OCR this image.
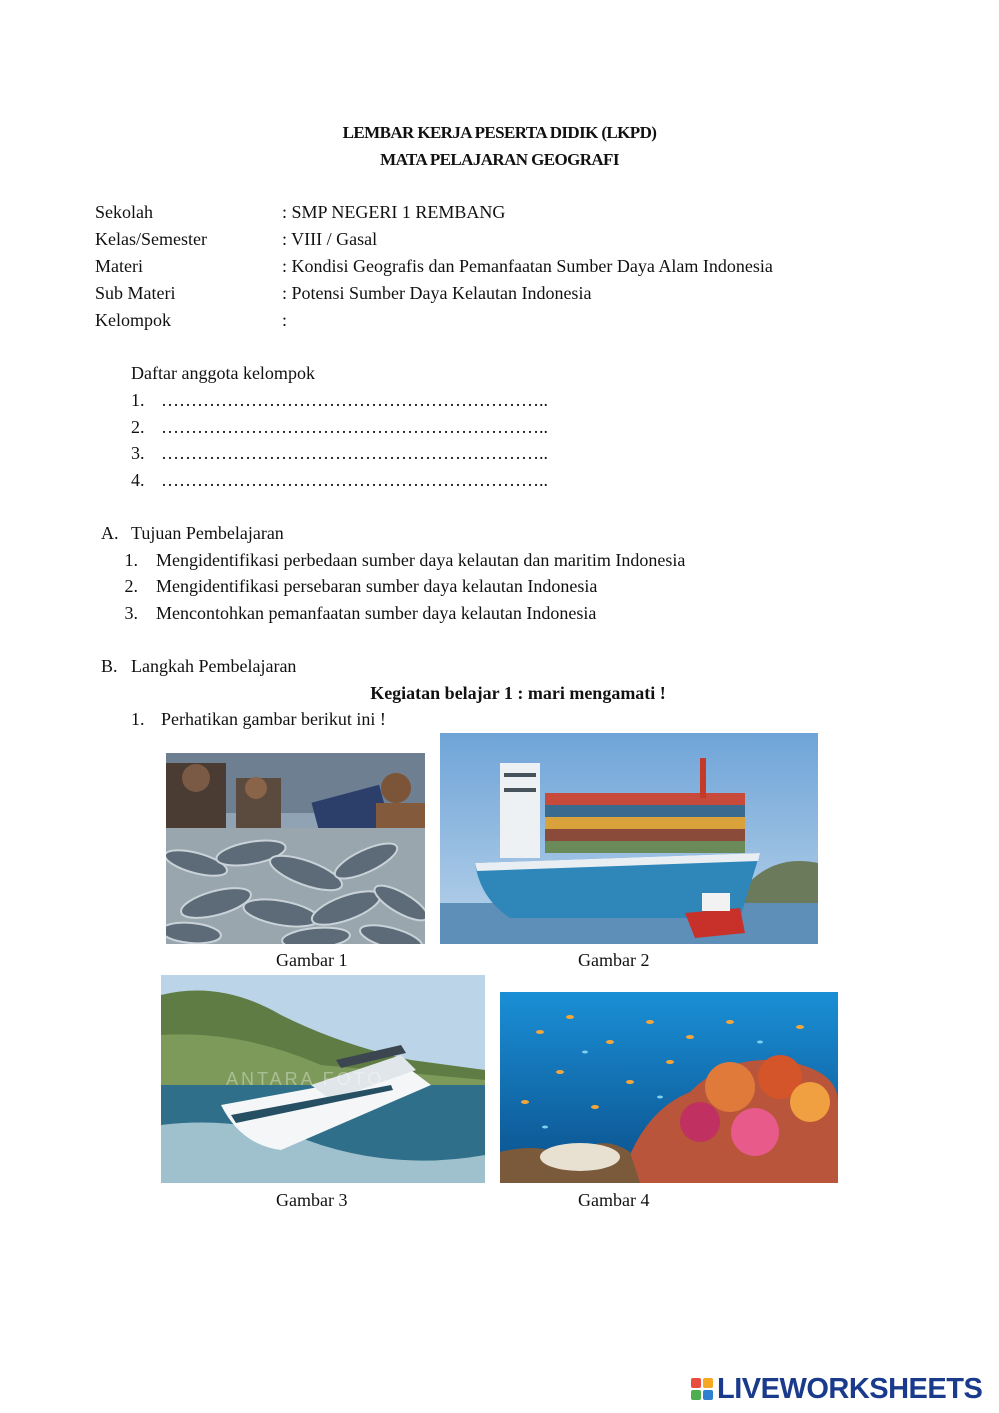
LEMBAR KERJA PESERTA DIDIK (LKPD)
MATA PELAJARAN GEOGRAFI
Sekolah	: SMP NEGERI 1 REMBANG
Kelas/Semester	: VIII / Gasal
Materi	: Kondisi Geografis dan Pemanfaatan Sumber Daya Alam Indonesia
Sub Materi	: Potensi Sumber Daya Kelautan Indonesia
Kelompok	:
Daftar anggota kelompok
1. ………………………………………………………..
2. ………………………………………………………..
3. ………………………………………………………..
4. ………………………………………………………..
A. Tujuan Pembelajaran
1. Mengidentifikasi perbedaan sumber daya kelautan dan maritim Indonesia
2. Mengidentifikasi persebaran sumber daya kelautan Indonesia
3. Mencontohkan pemanfaatan sumber daya kelautan Indonesia
B. Langkah Pembelajaran
Kegiatan belajar 1 : mari mengamati !
1. Perhatikan gambar berikut ini !
Gambar 1	Gambar 2
ANTARA FOTO
Gambar 3	Gambar 4
LIVEWORKSHEETS
